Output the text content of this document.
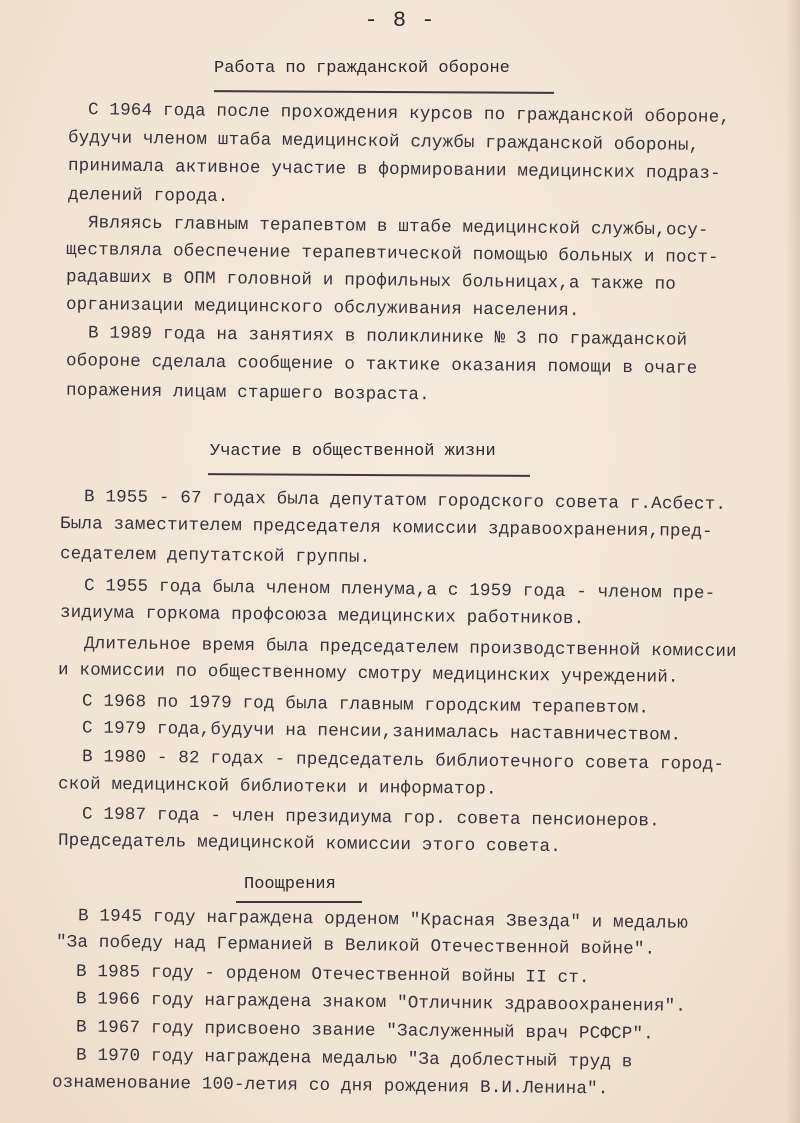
- 8 -
Работа по гражданской обороне
С 1964 года после прохождения курсов по гражданской обороне,
будучи членом штаба медицинской службы гражданской обороны,
принимала активное участие в формировании медицинских подраз-
делений города.
Являясь главным терапевтом в штабе медицинской службы,осу-
ществляла обеспечение терапевтической помощью больных и пост-
радавших в ОПМ головной и профильных больницах,а также по
организации медицинского обслуживания населения.
В 1989 года на занятиях в поликлинике № 3 по гражданской
обороне сделала сообщение о тактике оказания помощи в очаге
поражения лицам старшего возраста.
Участие в общественной жизни
В 1955 - 67 годах была депутатом городского совета г.Асбест.
Была заместителем председателя комиссии здравоохранения,пред-
седателем депутатской группы.
С 1955 года была членом пленума,а с 1959 года - членом пре-
зидиума горкома профсоюза медицинских работников.
Длительное время была председателем производственной комиссии
и комиссии по общественному смотру медицинских учреждений.
С 1968 по 1979 год была главным городским терапевтом.
С 1979 года,будучи на пенсии,занималась наставничеством.
В 1980 - 82 годах - председатель библиотечного совета город-
ской медицинской библиотеки и информатор.
С 1987 года - член президиума гор. совета пенсионеров.
Председатель медицинской комиссии этого совета.
Поощрения
В 1945 году награждена орденом "Красная Звезда" и медалью
"За победу над Германией в Великой Отечественной войне".
В 1985 году - орденом Отечественной войны II ст.
В 1966 году награждена знаком "Отличник здравоохранения".
В 1967 году присвоено звание "Заслуженный врач РСФСР".
В 1970 году награждена медалью "За доблестный труд в
ознаменование 100-летия со дня рождения В.И.Ленина".
